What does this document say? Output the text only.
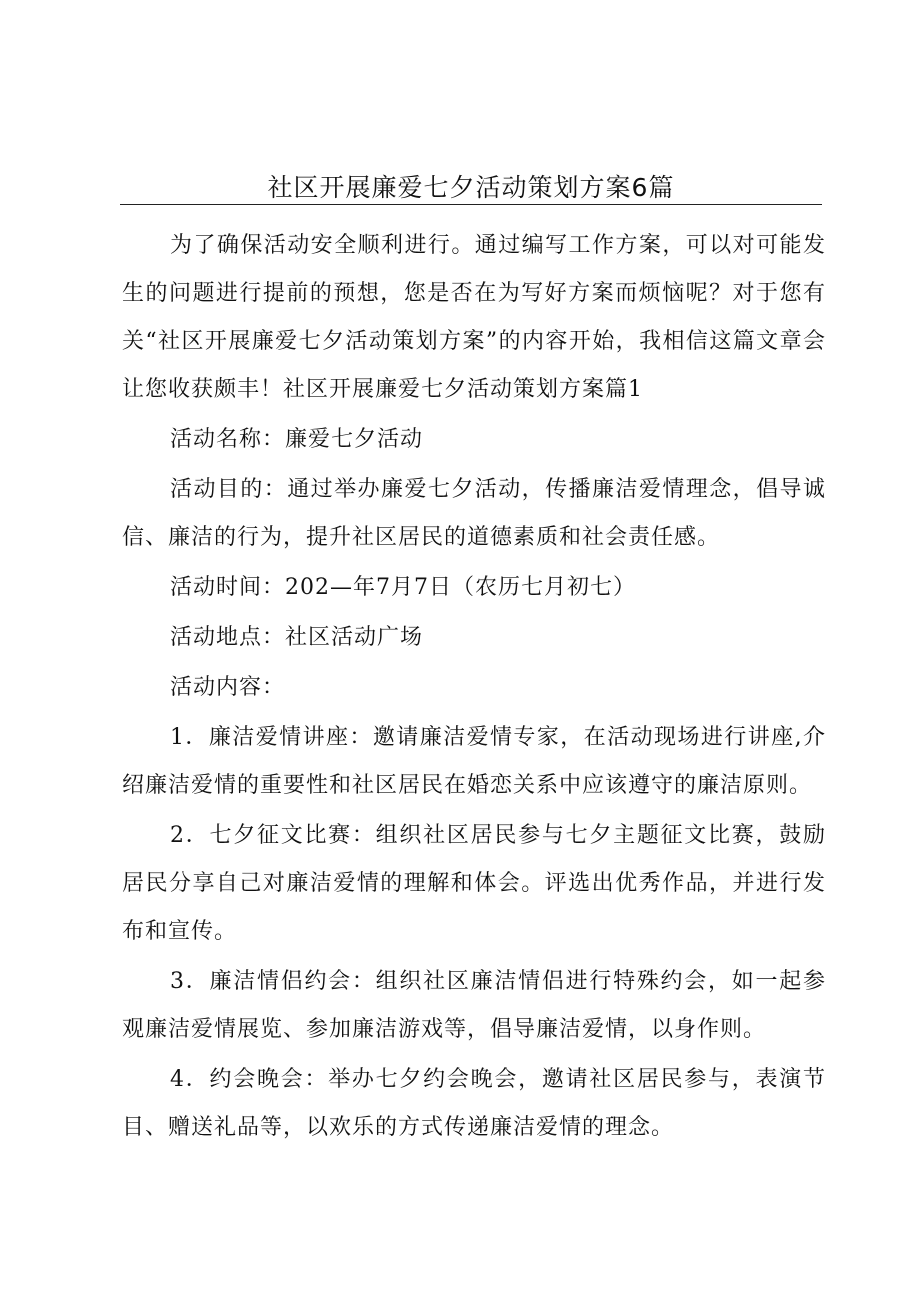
社区开展廉爱七夕活动策划方案6篇

为了确保活动安全顺利进行。通过编写工作方案，可以对可能发生的问题进行提前的预想，您是否在为写好方案而烦恼呢？对于您有关“社区开展廉爱七夕活动策划方案”的内容开始，我相信这篇文章会让您收获颇丰！社区开展廉爱七夕活动策划方案篇1

活动名称：廉爱七夕活动

活动目的：通过举办廉爱七夕活动，传播廉洁爱情理念，倡导诚信、廉洁的行为，提升社区居民的道德素质和社会责任感。

活动时间：202—年7月7日（农历七月初七）

活动地点：社区活动广场

活动内容：

1．廉洁爱情讲座：邀请廉洁爱情专家，在活动现场进行讲座,介绍廉洁爱情的重要性和社区居民在婚恋关系中应该遵守的廉洁原则。

2．七夕征文比赛：组织社区居民参与七夕主题征文比赛，鼓励居民分享自己对廉洁爱情的理解和体会。评选出优秀作品，并进行发布和宣传。

3．廉洁情侣约会：组织社区廉洁情侣进行特殊约会，如一起参观廉洁爱情展览、参加廉洁游戏等，倡导廉洁爱情，以身作则。

4．约会晚会：举办七夕约会晚会，邀请社区居民参与，表演节目、赠送礼品等，以欢乐的方式传递廉洁爱情的理念。
